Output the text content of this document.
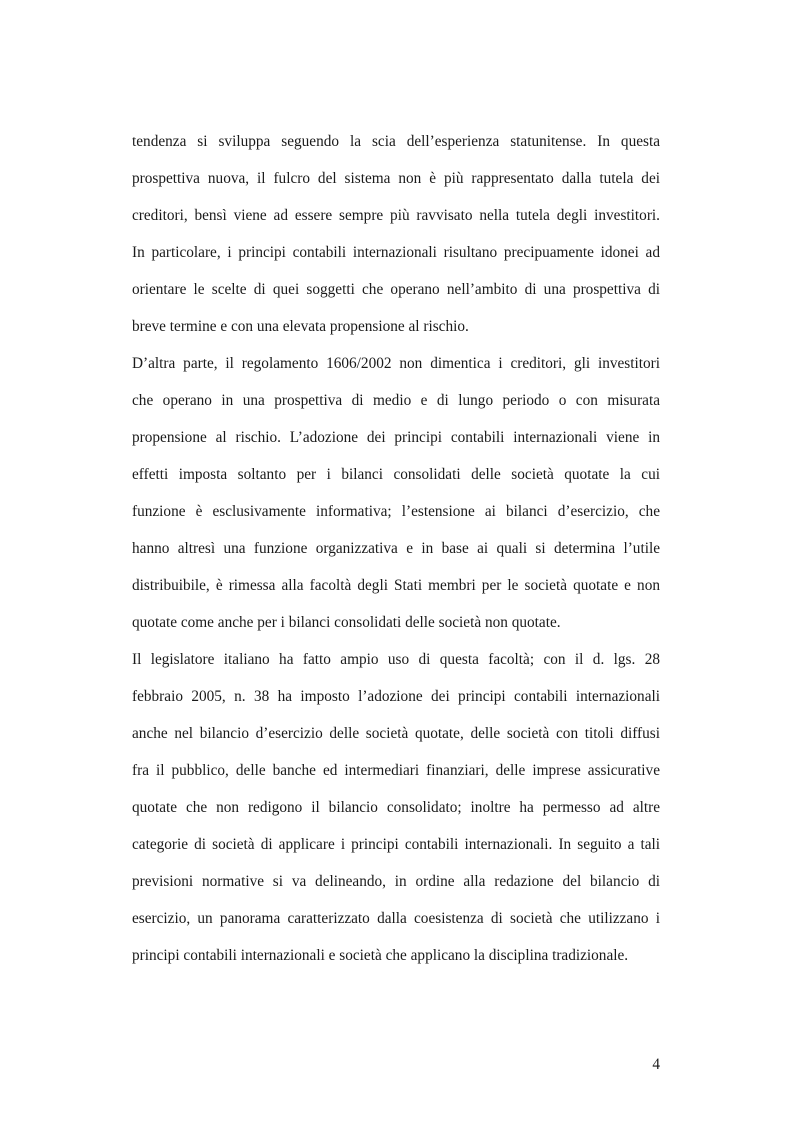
tendenza si sviluppa seguendo la scia dell’esperienza statunitense. In questa
prospettiva nuova, il fulcro del sistema non è più rappresentato dalla tutela dei
creditori, bensì viene ad essere sempre più ravvisato nella tutela degli investitori.
In particolare, i principi contabili internazionali risultano precipuamente idonei ad
orientare le scelte di quei soggetti che operano nell’ambito di una prospettiva di
breve termine e con una elevata propensione al rischio.
D’altra parte, il regolamento 1606/2002 non dimentica i creditori, gli investitori
che operano in una prospettiva di medio e di lungo periodo o con misurata
propensione al rischio. L’adozione dei principi contabili internazionali viene in
effetti imposta soltanto per i bilanci consolidati delle società quotate la cui
funzione è esclusivamente informativa; l’estensione ai bilanci d’esercizio, che
hanno altresì una funzione organizzativa e in base ai quali si determina l’utile
distribuibile, è rimessa alla facoltà degli Stati membri per le società quotate e non
quotate come anche per i bilanci consolidati delle società non quotate.
Il legislatore italiano ha fatto ampio uso di questa facoltà; con il d. lgs. 28
febbraio 2005, n. 38 ha imposto l’adozione dei principi contabili internazionali
anche nel bilancio d’esercizio delle società quotate, delle società con titoli diffusi
fra il pubblico, delle banche ed intermediari finanziari, delle imprese assicurative
quotate che non redigono il bilancio consolidato; inoltre ha permesso ad altre
categorie di società di applicare i principi contabili internazionali. In seguito a tali
previsioni normative si va delineando, in ordine alla redazione del bilancio di
esercizio, un panorama caratterizzato dalla coesistenza di società che utilizzano i
principi contabili internazionali e società che applicano la disciplina tradizionale.
4
